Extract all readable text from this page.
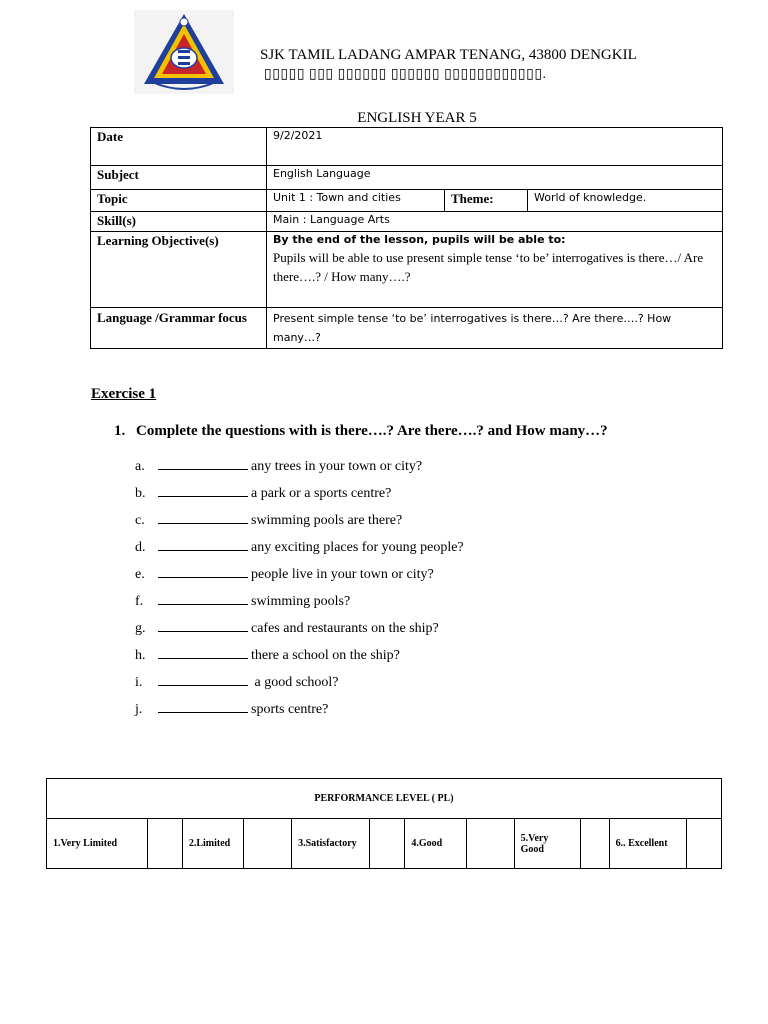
SJK TAMIL LADANG AMPAR TENANG, 43800 DENGKIL
▯▯▯▯▯ ▯▯▯ ▯▯▯▯▯▯ ▯▯▯▯▯▯ ▯▯▯▯▯▯▯▯▯▯▯▯.
ENGLISH YEAR 5
Date	9/2/2021		
Subject	English Language		
Topic	Unit 1 : Town and cities	Theme:	World of knowledge.
Skill(s)	Main : Language Arts		
Learning Objective(s)	By the end of the lesson, pupils will be able to:
Pupils will be able to use present simple tense ‘to be’ interrogatives is there…/ Are there….? / How many….?		

Language /Grammar focus	Present simple tense ‘to be’ interrogatives is there…? Are there….? How many…?		
Exercise 1
1. Complete the questions with is there….? Are there….? and How many…?
a.	any trees in your town or city?
b.	a park or a sports centre?
c.	swimming pools are there?
d.	any exciting places for young people?
e.	people live in your town or city?
f.	swimming pools?
g.	cafes and restaurants on the ship?
h.	there a school on the ship?
i.	a good school?
j.	sports centre?
PERFORMANCE LEVEL ( PL)
1.Very Limited		2.Limited		3.Satisfactory		4.Good		5.Very Good		6.. Excellent	
